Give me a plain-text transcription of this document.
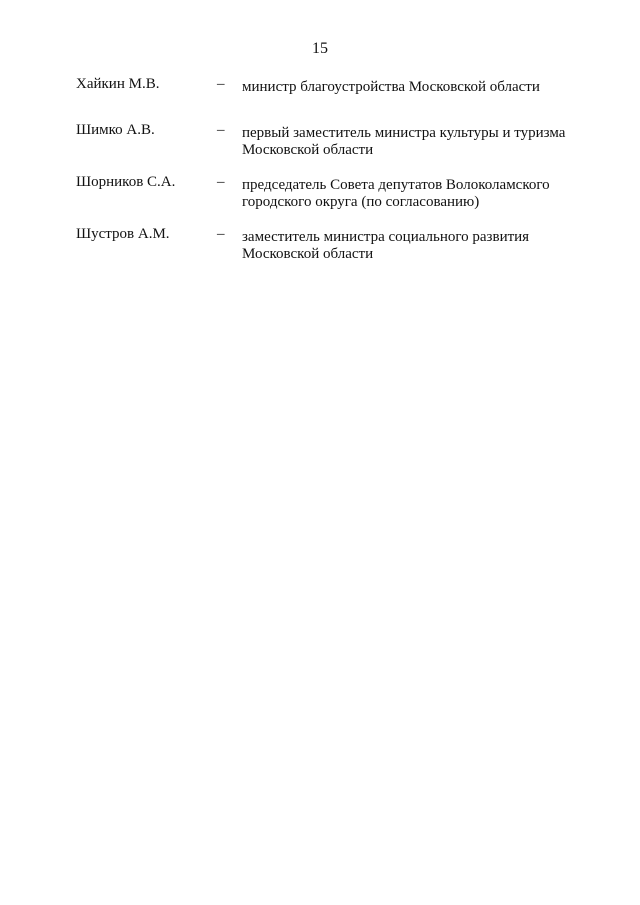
15
Хайкин М.В.	–	министр благоустройства Московской области
Шимко А.В.	–	первый заместитель министра культуры и туризма
Московской области
Шорников С.А.	–	председатель Совета депутатов Волоколамского
городского округа (по согласованию)
Шустров А.М.	–	заместитель министра социального развития
Московской области
